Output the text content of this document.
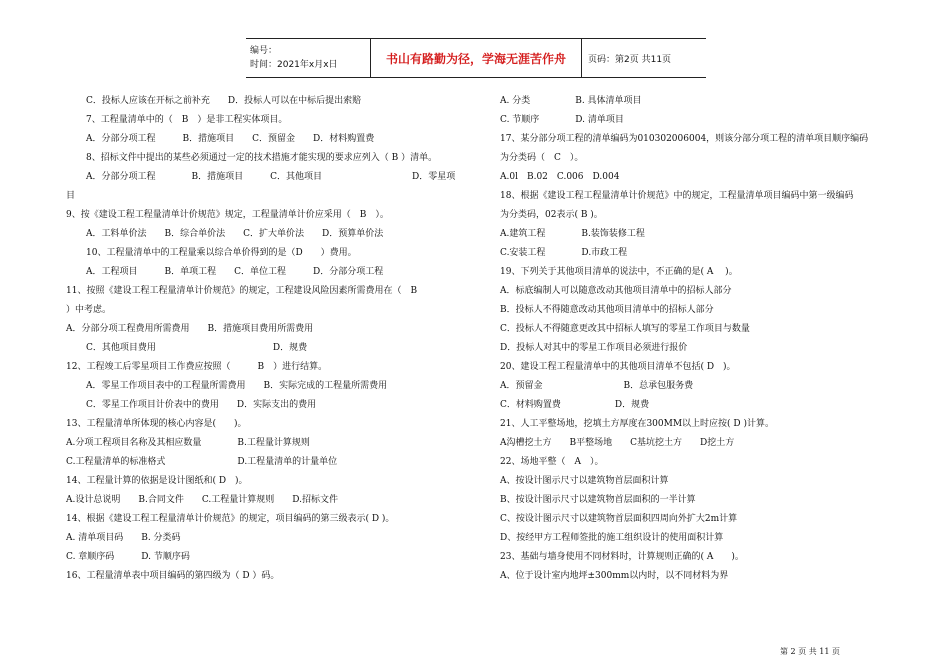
编号：
时间：2021年x月x日	书山有路勤为径，学海无涯苦作舟	页码：第2页 共11页
C．投标人应该在开标之前补充　　D．投标人可以在中标后提出索赔
7、工程量清单中的（　B　）是非工程实体项目。
A．分部分项工程　　　B．措施项目　　C．预留金　　D．材料购置费
8、招标文件中提出的某些必须通过一定的技术措施才能实现的要求应列入（ B ）清单。
A．分部分项工程　　　　B．措施项目　　　C．其他项目　　　　　　　　　　D．零星项
目
9、按《建设工程工程量清单计价规范》规定，工程量清单计价应采用（　B　）。
A．工料单价法　　B．综合单价法　　C．扩大单价法　　D．预算单价法
10、工程量清单中的工程量乘以综合单价得到的是（D　　）费用。
A．工程项目　　　B．单项工程　　C．单位工程　　　D．分部分项工程
11、按照《建设工程工程量清单计价规范》的规定，工程建设风险因素所需费用在（　B
）中考虑。
A．分部分项工程费用所需费用　　B．措施项目费用所需费用
C．其他项目费用　　　　　　　　　　　　　D．规费
12、工程竣工后零星项目工作费应按照（　　　B　）进行结算。
A．零星工作项目表中的工程量所需费用　　B．实际完成的工程量所需费用
C．零星工作项目计价表中的费用　　D．实际支出的费用
13、工程量清单所体现的核心内容是(　　)。
A.分项工程项目名称及其相应数量　　　　B.工程量计算规则
C.工程量清单的标准格式　　　　　　　　D.工程量清单的计量单位
14、工程量计算的依据是设计图纸和( D　)。
A.设计总说明　　B.合同文件　　C.工程量计算规则　　D.招标文件
14、根据《建设工程工程量清单计价规范》的规定，项目编码的第三级表示( D )。
A. 清单项目码　　B. 分类码
C. 章顺序码　　　D. 节顺序码
16、工程量清单表中项目编码的第四级为（ D ）码。
A. 分类　　　　　B. 具体清单项目
C. 节顺序　　　　D. 清单项目
17、某分部分项工程的清单编码为010302006004，则该分部分项工程的清单项目顺序编码
为分类码（　C　）。
A.0l　B.02　C.006　D.004
18、根据《建设工程工程量清单计价规范》中的规定，工程量清单项目编码中第一级编码
为分类码，02表示( B )。
A.建筑工程　　　　B.装饰装修工程
C.安装工程　　　　D.市政工程
19、下列关于其他项目清单的说法中，不正确的是( A　 )。
A．标底编制人可以随意改动其他项目清单中的招标人部分
B．投标人不得随意改动其他项目清单中的招标人部分
C．投标人不得随意更改其中招标人填写的零星工作项目与数量
D．投标人对其中的零星工作项目必须进行报价
20、建设工程工程量清单中的其他项目清单不包括( D　)。
A．预留金　　　　　　　　　B．总承包服务费
C．材料购置费　　　　　　D．规费
21、人工平整场地，挖填土方厚度在300MM以上时应按( D )计算。
A沟槽挖土方　　B平整场地　　C基坑挖土方　　D挖土方
22、场地平整（　A　）。
A、按设计图示尺寸以建筑物首层面积计算
B、按设计图示尺寸以建筑物首层面积的一半计算
C、按设计图示尺寸以建筑物首层面积四周向外扩大2m计算
D、按经甲方工程师签批的施工组织设计的使用面积计算
23、基础与墙身使用不同材料时，计算规则正确的( A　　)。
A、位于设计室内地坪±300mm以内时，以不同材料为界
第 2 页 共 11 页
